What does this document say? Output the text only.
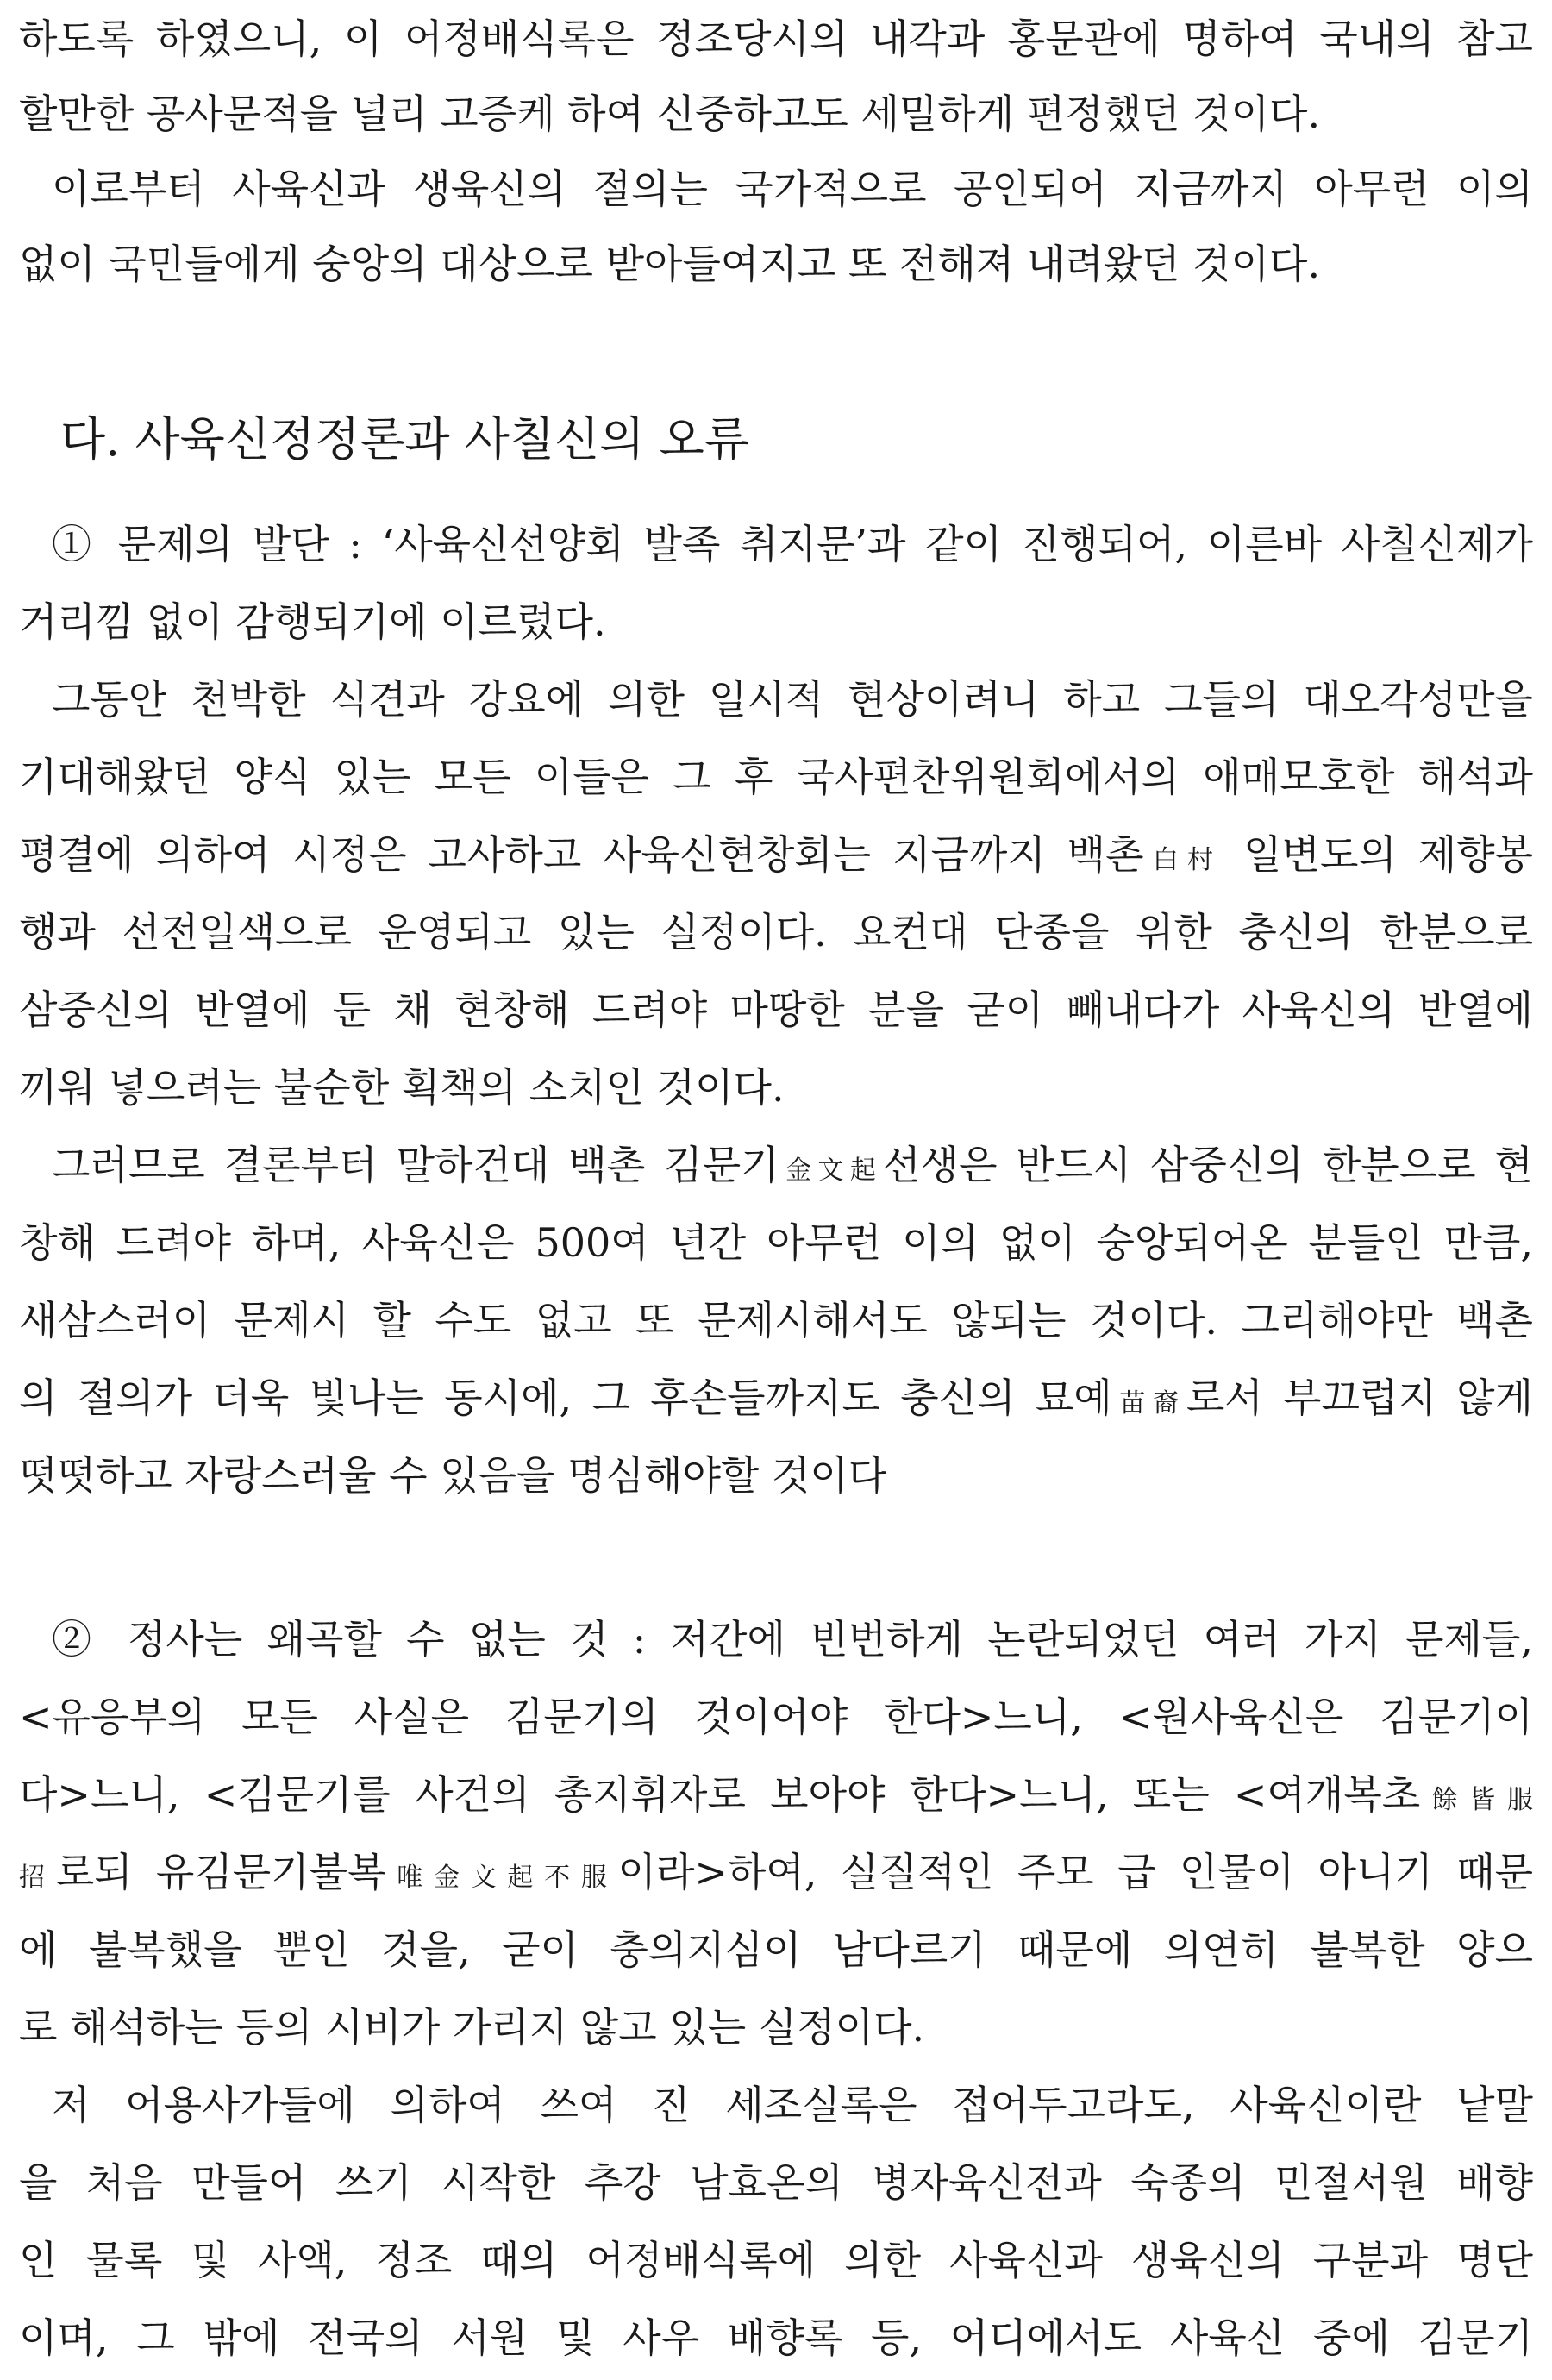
하도록 하였으니, 이 어정배식록은 정조당시의 내각과 홍문관에 명하여 국내의 참고
할만한 공사문적을 널리 고증케 하여 신중하고도 세밀하게 편정했던 것이다.
이로부터 사육신과 생육신의 절의는 국가적으로 공인되어 지금까지 아무런 이의
없이 국민들에게 숭앙의 대상으로 받아들여지고 또 전해져 내려왔던 것이다.
다. 사육신정정론과 사칠신의 오류
① 문제의 발단 : ‘사육신선양회 발족 취지문’과 같이 진행되어, 이른바 사칠신제가
거리낌 없이 감행되기에 이르렀다.
그동안 천박한 식견과 강요에 의한 일시적 현상이려니 하고 그들의 대오각성만을
기대해왔던 양식 있는 모든 이들은 그 후 국사편찬위원회에서의 애매모호한 해석과
평결에 의하여 시정은 고사하고 사육신현창회는 지금까지 백촌白村 일변도의 제향봉
행과 선전일색으로 운영되고 있는 실정이다. 요컨대 단종을 위한 충신의 한분으로
삼중신의 반열에 둔 채 현창해 드려야 마땅한 분을 굳이 빼내다가 사육신의 반열에
끼워 넣으려는 불순한 획책의 소치인 것이다.
그러므로 결론부터 말하건대 백촌 김문기金文起선생은 반드시 삼중신의 한분으로 현
창해 드려야 하며, 사육신은 500여 년간 아무런 이의 없이 숭앙되어온 분들인 만큼,
새삼스러이 문제시 할 수도 없고 또 문제시해서도 않되는 것이다. 그리해야만 백촌
의 절의가 더욱 빛나는 동시에, 그 후손들까지도 충신의 묘예苗裔로서 부끄럽지 않게
떳떳하고 자랑스러울 수 있음을 명심해야할 것이다
② 정사는 왜곡할 수 없는 것 : 저간에 빈번하게 논란되었던 여러 가지 문제들,
<유응부의 모든 사실은 김문기의 것이어야 한다>느니, <원사육신은 김문기이
다>느니, <김문기를 사건의 총지휘자로 보아야 한다>느니, 또는 <여개복초餘皆服
招로되 유김문기불복唯金文起不服이라>하여, 실질적인 주모 급 인물이 아니기 때문
에 불복했을 뿐인 것을, 굳이 충의지심이 남다르기 때문에 의연히 불복한 양으
로 해석하는 등의 시비가 가리지 않고 있는 실정이다.
저 어용사가들에 의하여 쓰여 진 세조실록은 접어두고라도, 사육신이란 낱말
을 처음 만들어 쓰기 시작한 추강 남효온의 병자육신전과 숙종의 민절서원 배향
인 물록 및 사액, 정조 때의 어정배식록에 의한 사육신과 생육신의 구분과 명단
이며, 그 밖에 전국의 서원 및 사우 배향록 등, 어디에서도 사육신 중에 김문기
